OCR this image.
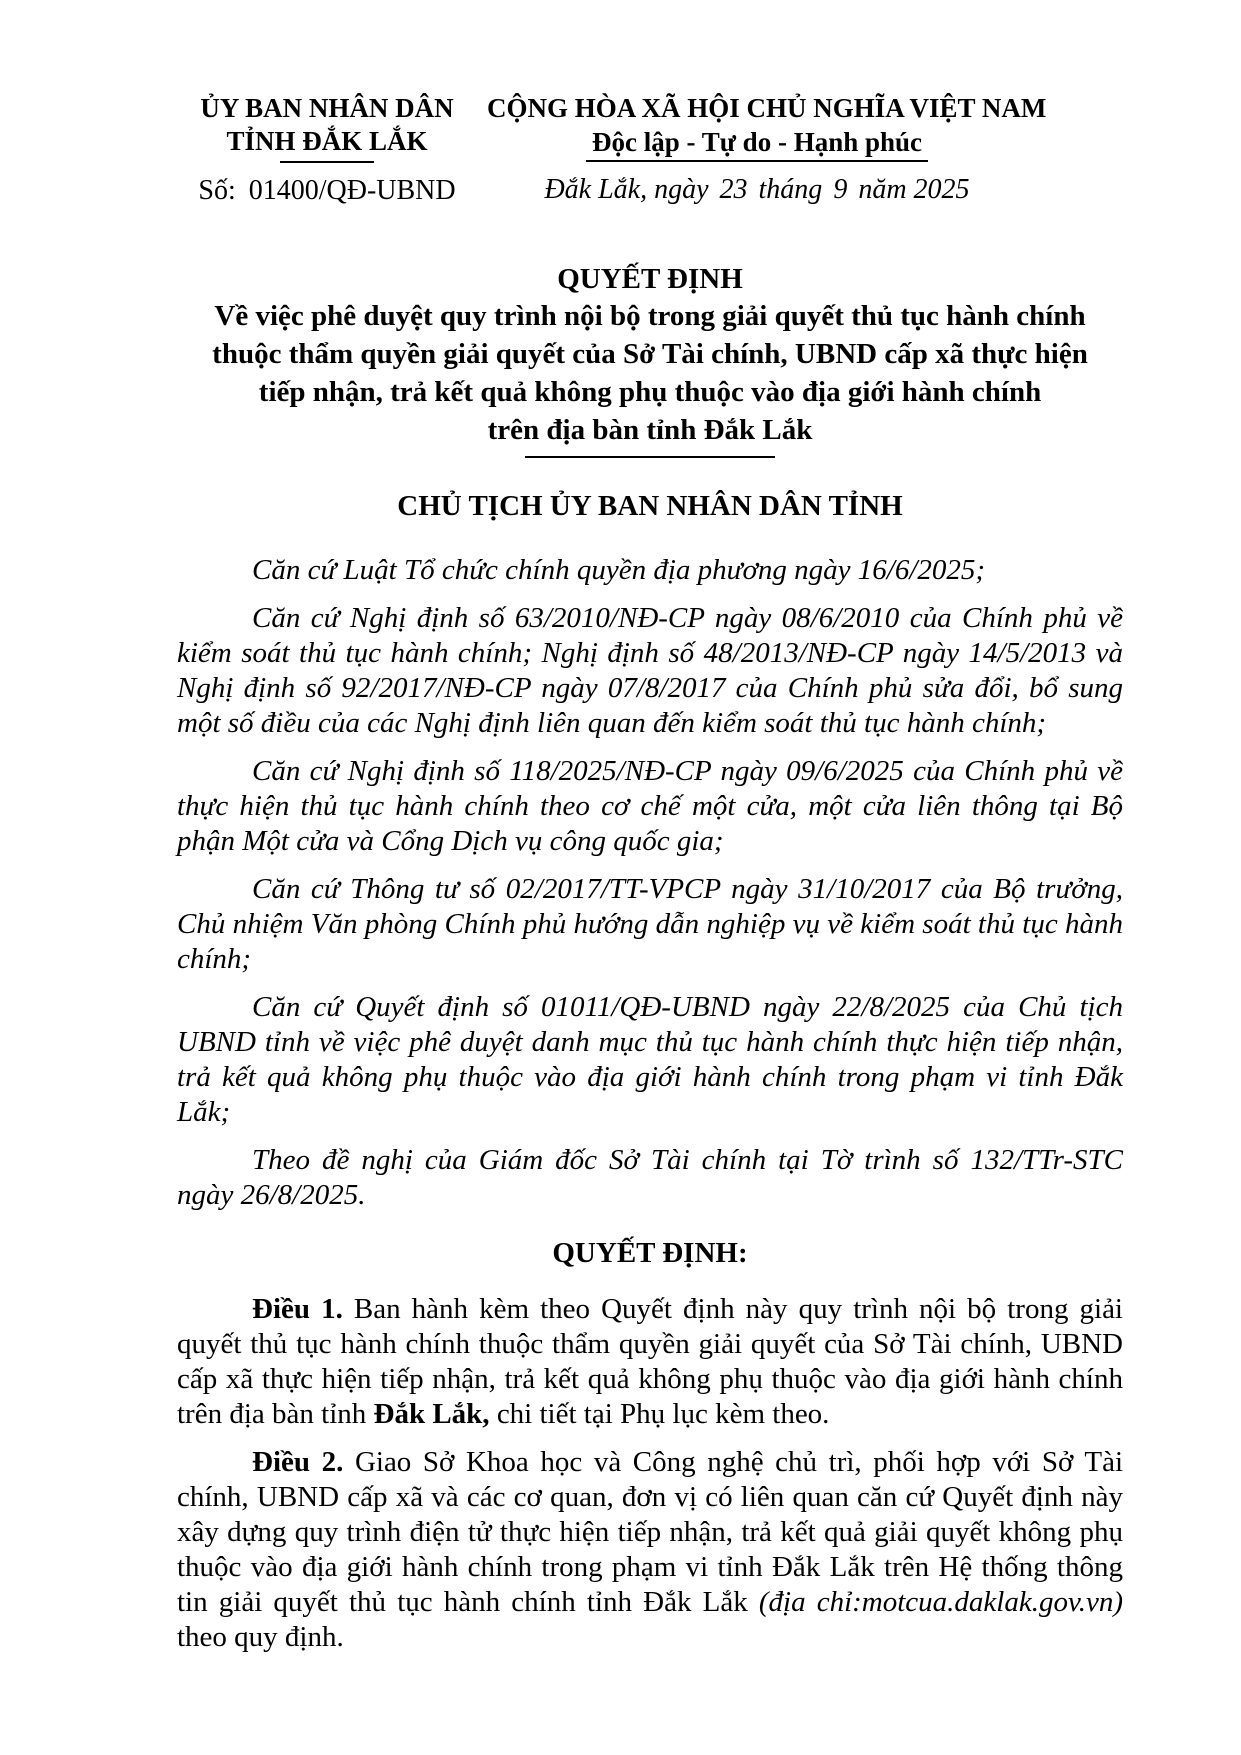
ỦY BAN NHÂN DÂN
TỈNH ĐẮK LẮK
Số: 01400/QĐ-UBND
CỘNG HÒA XÃ HỘI CHỦ NGHĨA VIỆT NAM
Độc lập - Tự do - Hạnh phúc
Đắk Lắk, ngày 23 tháng 9 năm 2025
QUYẾT ĐỊNH
Về việc phê duyệt quy trình nội bộ trong giải quyết thủ tục hành chính
thuộc thẩm quyền giải quyết của Sở Tài chính, UBND cấp xã thực hiện
tiếp nhận, trả kết quả không phụ thuộc vào địa giới hành chính
trên địa bàn tỉnh Đắk Lắk
CHỦ TỊCH ỦY BAN NHÂN DÂN TỈNH

Căn cứ Luật Tổ chức chính quyền địa phương ngày 16/6/2025;

Căn cứ Nghị định số 63/2010/NĐ-CP ngày 08/6/2010 của Chính phủ về kiểm soát thủ tục hành chính; Nghị định số 48/2013/NĐ-CP ngày 14/5/2013 và Nghị định số 92/2017/NĐ-CP ngày 07/8/2017 của Chính phủ sửa đổi, bổ sung một số điều của các Nghị định liên quan đến kiểm soát thủ tục hành chính;

Căn cứ Nghị định số 118/2025/NĐ-CP ngày 09/6/2025 của Chính phủ về thực hiện thủ tục hành chính theo cơ chế một cửa, một cửa liên thông tại Bộ phận Một cửa và Cổng Dịch vụ công quốc gia;

Căn cứ Thông tư số 02/2017/TT-VPCP ngày 31/10/2017 của Bộ trưởng, Chủ nhiệm Văn phòng Chính phủ hướng dẫn nghiệp vụ về kiểm soát thủ tục hành chính;

Căn cứ Quyết định số 01011/QĐ-UBND ngày 22/8/2025 của Chủ tịch UBND tỉnh về việc phê duyệt danh mục thủ tục hành chính thực hiện tiếp nhận, trả kết quả không phụ thuộc vào địa giới hành chính trong phạm vi tỉnh Đắk Lắk;

Theo đề nghị của Giám đốc Sở Tài chính tại Tờ trình số 132/TTr-STC ngày 26/8/2025.

QUYẾT ĐỊNH:

Điều 1. Ban hành kèm theo Quyết định này quy trình nội bộ trong giải quyết thủ tục hành chính thuộc thẩm quyền giải quyết của Sở Tài chính, UBND cấp xã thực hiện tiếp nhận, trả kết quả không phụ thuộc vào địa giới hành chính trên địa bàn tỉnh Đắk Lắk, chi tiết tại Phụ lục kèm theo.

Điều 2. Giao Sở Khoa học và Công nghệ chủ trì, phối hợp với Sở Tài chính, UBND cấp xã và các cơ quan, đơn vị có liên quan căn cứ Quyết định này xây dựng quy trình điện tử thực hiện tiếp nhận, trả kết quả giải quyết không phụ thuộc vào địa giới hành chính trong phạm vi tỉnh Đắk Lắk trên Hệ thống thông tin giải quyết thủ tục hành chính tỉnh Đắk Lắk (địa chỉ:motcua.daklak.gov.vn) theo quy định.
